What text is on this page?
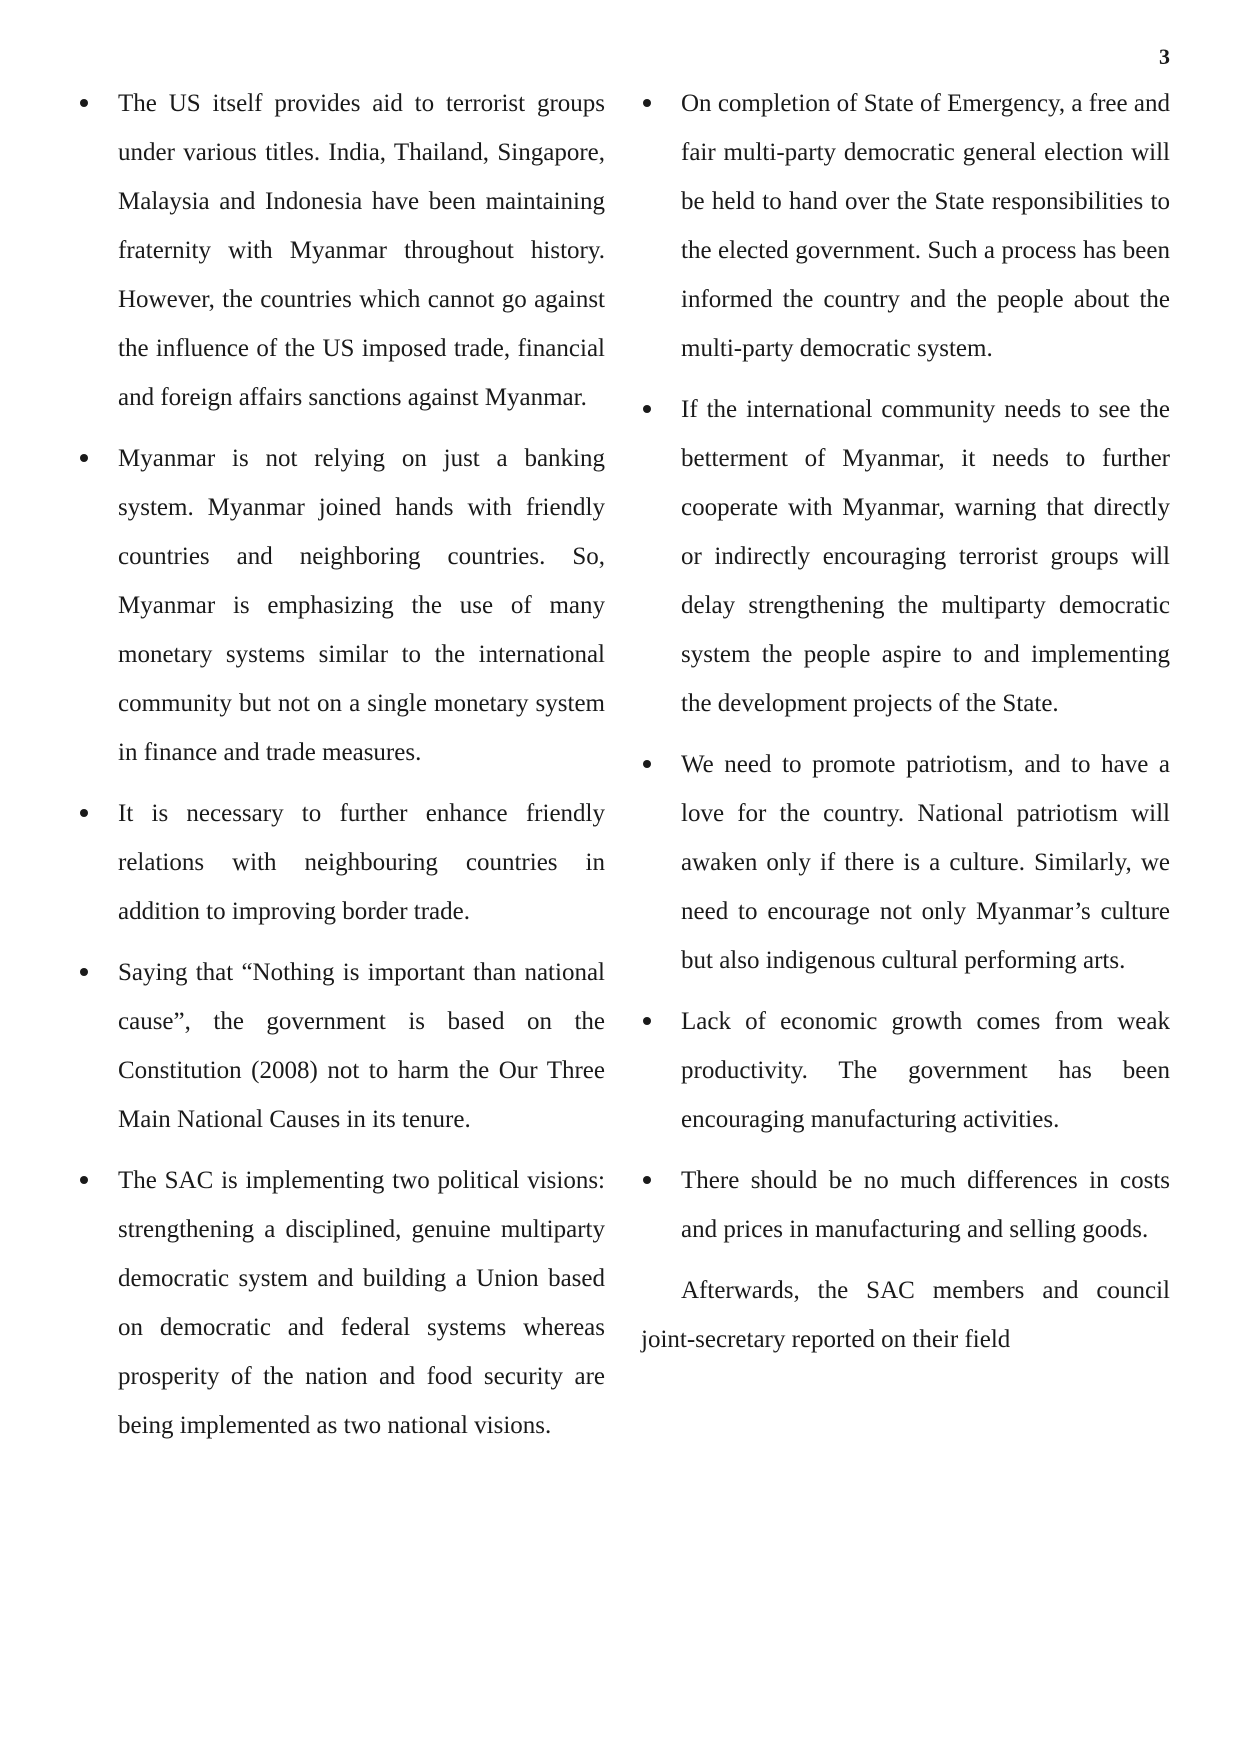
3
The US itself provides aid to terrorist groups under various titles. India, Thailand, Singapore, Malaysia and Indonesia have been maintaining fraternity with Myanmar throughout history. However, the countries which cannot go against the influence of the US imposed trade, financial and foreign affairs sanctions against Myanmar.
Myanmar is not relying on just a banking system. Myanmar joined hands with friendly countries and neighboring countries. So, Myanmar is emphasizing the use of many monetary systems similar to the international community but not on a single monetary system in finance and trade measures.
It is necessary to further enhance friendly relations with neighbouring countries in addition to improving border trade.
Saying that “Nothing is important than national cause”, the government is based on the Constitution (2008) not to harm the Our Three Main National Causes in its tenure.
The SAC is implementing two political visions: strengthening a disciplined, genuine multiparty democratic system and building a Union based on democratic and federal systems whereas prosperity of the nation and food security are being implemented as two national visions.
On completion of State of Emergency, a free and fair multi-party democratic general election will be held to hand over the State responsibilities to the elected government. Such a process has been informed the country and the people about the multi-party democratic system.
If the international community needs to see the betterment of Myanmar, it needs to further cooperate with Myanmar, warning that directly or indirectly encouraging terrorist groups will delay strengthening the multiparty democratic system the people aspire to and implementing the development projects of the State.
We need to promote patriotism, and to have a love for the country. National patriotism will awaken only if there is a culture. Similarly, we need to encourage not only Myanmar’s culture but also indigenous cultural performing arts.
Lack of economic growth comes from weak productivity. The government has been encouraging manufacturing activities.
There should be no much differences in costs and prices in manufacturing and selling goods.

Afterwards, the SAC members and council joint-secretary reported on their field
